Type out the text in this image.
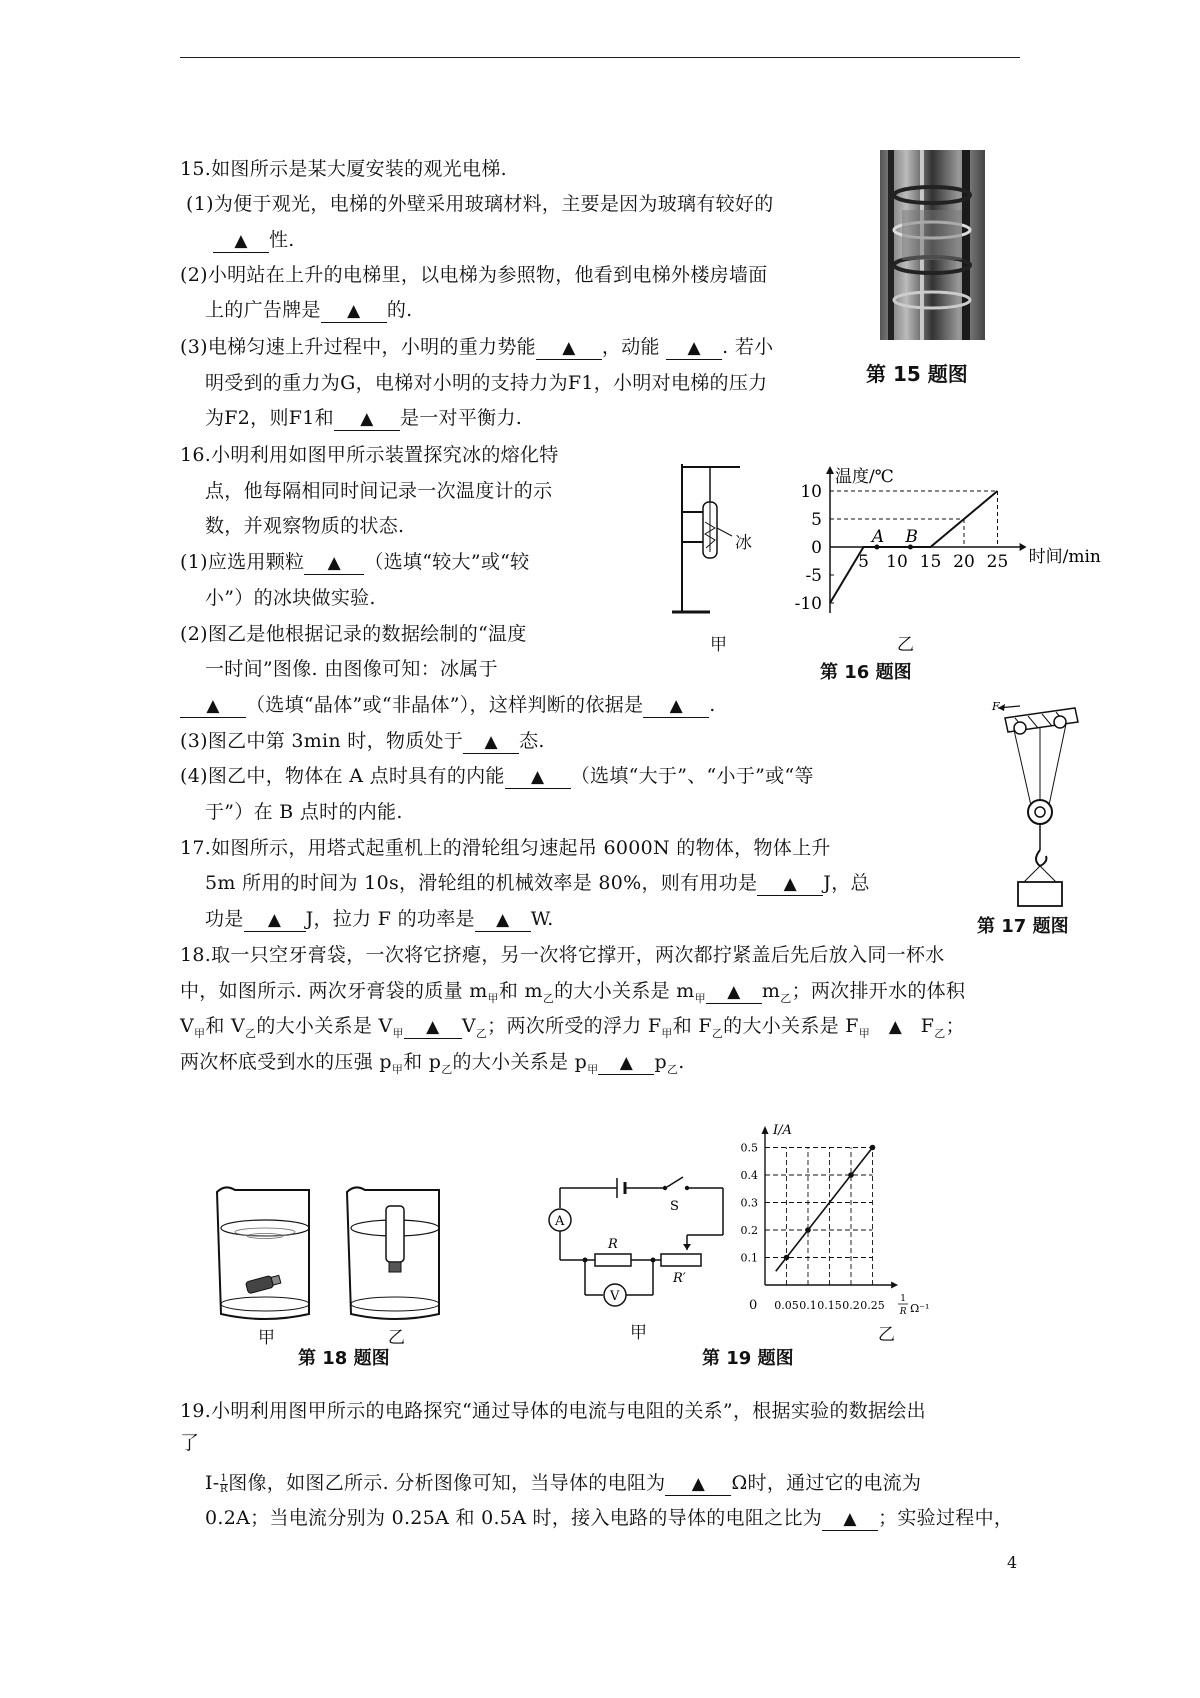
15.如图所示是某大厦安装的观光电梯.
(1)为便于观光，电梯的外壁采用玻璃材料，主要是因为玻璃有较好的
▲ 性.
(2)小明站在上升的电梯里，以电梯为参照物，他看到电梯外楼房墙面
上的广告牌是 ▲ 的.
(3)电梯匀速上升过程中，小明的重力势能 ▲ ，动能 ▲ . 若小
明受到的重力为G，电梯对小明的支持力为F1，小明对电梯的压力
为F2，则F1和 ▲ 是一对平衡力.
第 15 题图
16.小明利用如图甲所示装置探究冰的熔化特
点，他每隔相同时间记录一次温度计的示
数，并观察物质的状态.
(1)应选用颗粒 ▲ （选填“较大”或“较
小”）的冰块做实验.
(2)图乙是他根据记录的数据绘制的“温度
一时间”图像. 由图像可知：冰属于
▲ （选填“晶体”或“非晶体”），这样判断的依据是 ▲ .
(3)图乙中第 3min 时，物质处于 ▲ 态.
(4)图乙中，物体在 A 点时具有的内能 ▲ （选填“大于”、“小于”或“等
于”）在 B 点时的内能.
冰
甲
温度/℃
时间/min
10
5
0
-5
-10
5 10 15 20 25
A B
乙
第 16 题图
17.如图所示，用塔式起重机上的滑轮组匀速起吊 6000N 的物体，物体上升
5m 所用的时间为 10s，滑轮组的机械效率是 80%，则有用功是 ▲ J，总
功是 ▲ J，拉力 F 的功率是 ▲ W.
F
第 17 题图
18.取一只空牙膏袋，一次将它挤瘪，另一次将它撑开，两次都拧紧盖后先后放入同一杯水
中，如图所示. 两次牙膏袋的质量 $m_甲$和 $m_乙$的大小关系是 $m_甲$ ▲ $m_乙$；两次排开水的体积
$V_甲$和 $V_乙$的大小关系是 $V_甲$ ▲ $V_乙$；两次所受的浮力 $F_甲$和 $F_乙$的大小关系是 $F_甲$ ▲ $F_乙$；
两次杯底受到水的压强 $p_甲$和 $p_乙$的大小关系是 $p_甲$ ▲ $p_乙$.
甲	乙
第 18 题图
S
A
R
R′
V
甲
I/A
0
0.1
0.2
0.3
0.4
0.5
0.05 0.1 0.15 0.2 0.25 1
R Ω⁻¹
乙
第 19 题图
19.小明利用图甲所示的电路探究“通过导体的电流与电阻的关系”，根据实验的数据绘出
了
$I- \frac{1}{R}$ 图像，如图乙所示. 分析图像可知，当导体的电阻为 ▲ Ω时，通过它的电流为
0.2A；当电流分别为 0.25A 和 0.5A 时，接入电路的导体的电阻之比为 ▲ ；实验过程中，
4
